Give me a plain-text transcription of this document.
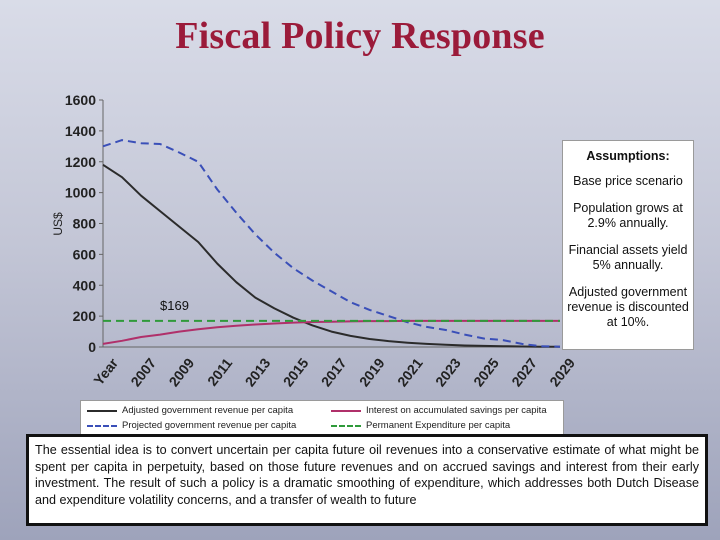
Fiscal Policy Response
0
200
400
600
800
1000
1200
1400
1600
Year 2007 2009 2011 2013 2015 2017 2019 2021 2023 2025 2027 2029
US$
$169
Assumptions:
Base price scenario
Population grows at 2.9% annually.
Financial assets yield 5% annually.
Adjusted government revenue is discounted at 10%.
Adjusted government revenue per capita	Interest on accumulated savings per capita
Projected government revenue per capita	Permanent Expenditure per capita
The essential idea is to convert uncertain per capita future oil revenues into a conservative estimate of what might be spent per capita in perpetuity, based on those future revenues and on accrued savings and interest from their early investment. The result of such a policy is a dramatic smoothing of expenditure, which addresses both Dutch Disease and expenditure volatility concerns, and a transfer of wealth to future
